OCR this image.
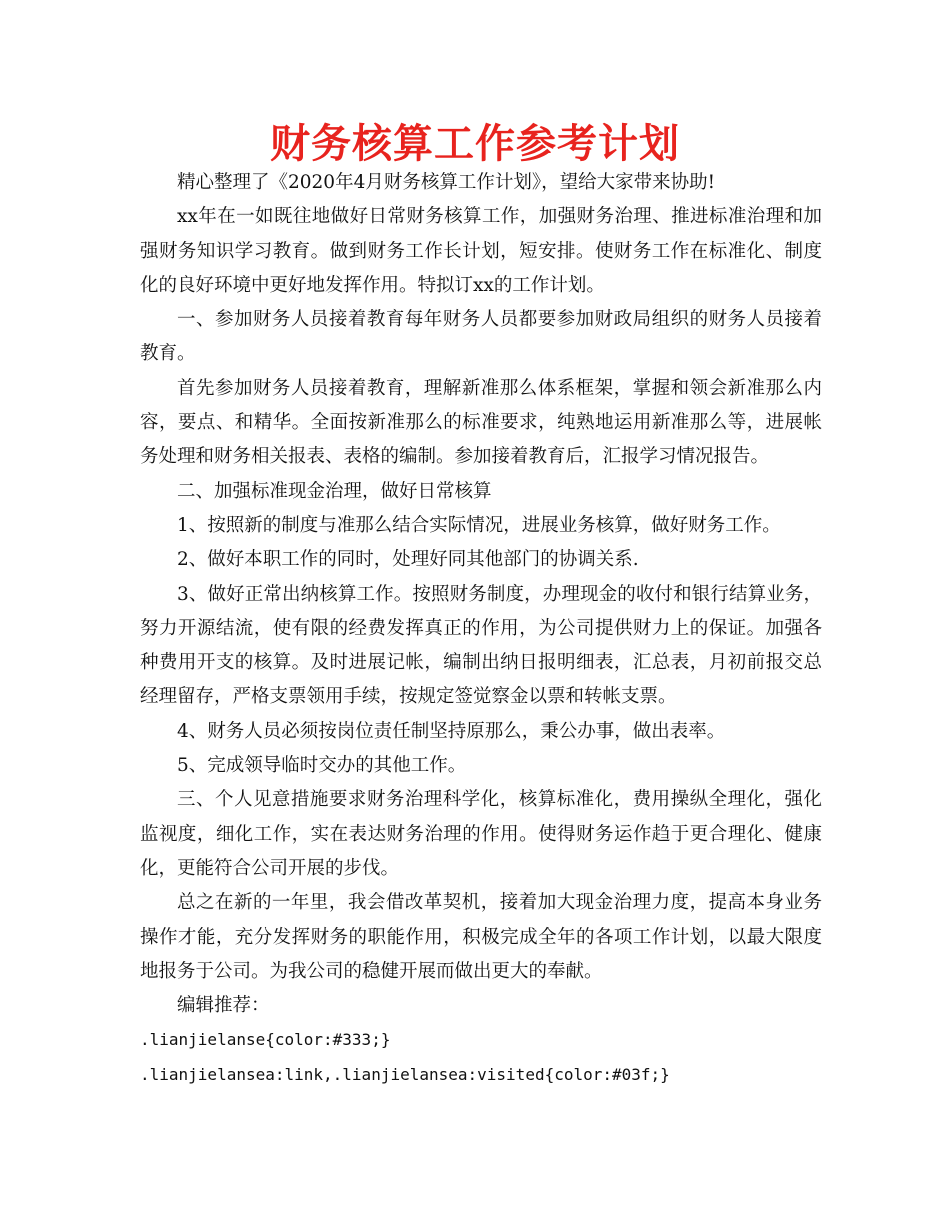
财务核算工作参考计划

精心整理了《2020年4月财务核算工作计划》，望给大家带来协助!

xx年在一如既往地做好日常财务核算工作，加强财务治理、推进标准治理和加强财务知识学习教育。做到财务工作长计划，短安排。使财务工作在标准化、制度化的良好环境中更好地发挥作用。特拟订xx的工作计划。

一、参加财务人员接着教育每年财务人员都要参加财政局组织的财务人员接着教育。

首先参加财务人员接着教育，理解新准那么体系框架，掌握和领会新准那么内容，要点、和精华。全面按新准那么的标准要求，纯熟地运用新准那么等，进展帐务处理和财务相关报表、表格的编制。参加接着教育后，汇报学习情况报告。

二、加强标准现金治理，做好日常核算

1、按照新的制度与准那么结合实际情况，进展业务核算，做好财务工作。

2、做好本职工作的同时，处理好同其他部门的协调关系.

3、做好正常出纳核算工作。按照财务制度，办理现金的收付和银行结算业务，努力开源结流，使有限的经费发挥真正的作用，为公司提供财力上的保证。加强各种费用开支的核算。及时进展记帐，编制出纳日报明细表，汇总表，月初前报交总经理留存，严格支票领用手续，按规定签觉察金以票和转帐支票。

4、财务人员必须按岗位责任制坚持原那么，秉公办事，做出表率。

5、完成领导临时交办的其他工作。

三、个人见意措施要求财务治理科学化，核算标准化，费用操纵全理化，强化监视度，细化工作，实在表达财务治理的作用。使得财务运作趋于更合理化、健康化，更能符合公司开展的步伐。

总之在新的一年里，我会借改革契机，接着加大现金治理力度，提高本身业务操作才能，充分发挥财务的职能作用，积极完成全年的各项工作计划，以最大限度地报务于公司。为我公司的稳健开展而做出更大的奉献。

编辑推荐：

.lianjielanse{color:#333;}

.lianjielansea:link,.lianjielansea:visited{color:#03f;}
